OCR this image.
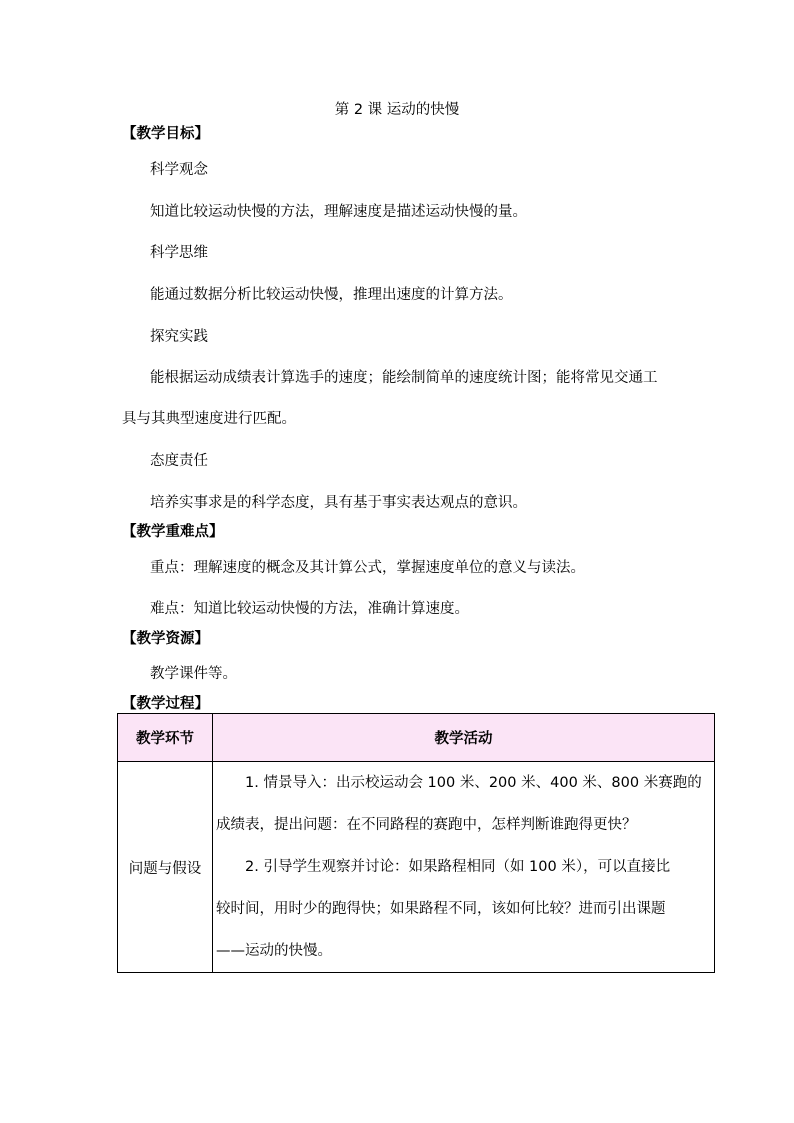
第 2 课 运动的快慢
【教学目标】
科学观念
知道比较运动快慢的方法，理解速度是描述运动快慢的量。
科学思维
能通过数据分析比较运动快慢，推理出速度的计算方法。
探究实践
能根据运动成绩表计算选手的速度；能绘制简单的速度统计图；能将常见交通工
具与其典型速度进行匹配。
态度责任
培养实事求是的科学态度，具有基于事实表达观点的意识。
【教学重难点】
重点：理解速度的概念及其计算公式，掌握速度单位的意义与读法。
难点：知道比较运动快慢的方法，准确计算速度。
【教学资源】
教学课件等。
【教学过程】
教学环节	教学活动
问题与假设	1. 情景导入：出示校运动会 100 米、200 米、400 米、800 米赛跑的
成绩表，提出问题：在不同路程的赛跑中，怎样判断谁跑得更快？
2. 引导学生观察并讨论：如果路程相同（如 100 米），可以直接比
较时间，用时少的跑得快；如果路程不同，该如何比较？进而引出课题
——运动的快慢。
